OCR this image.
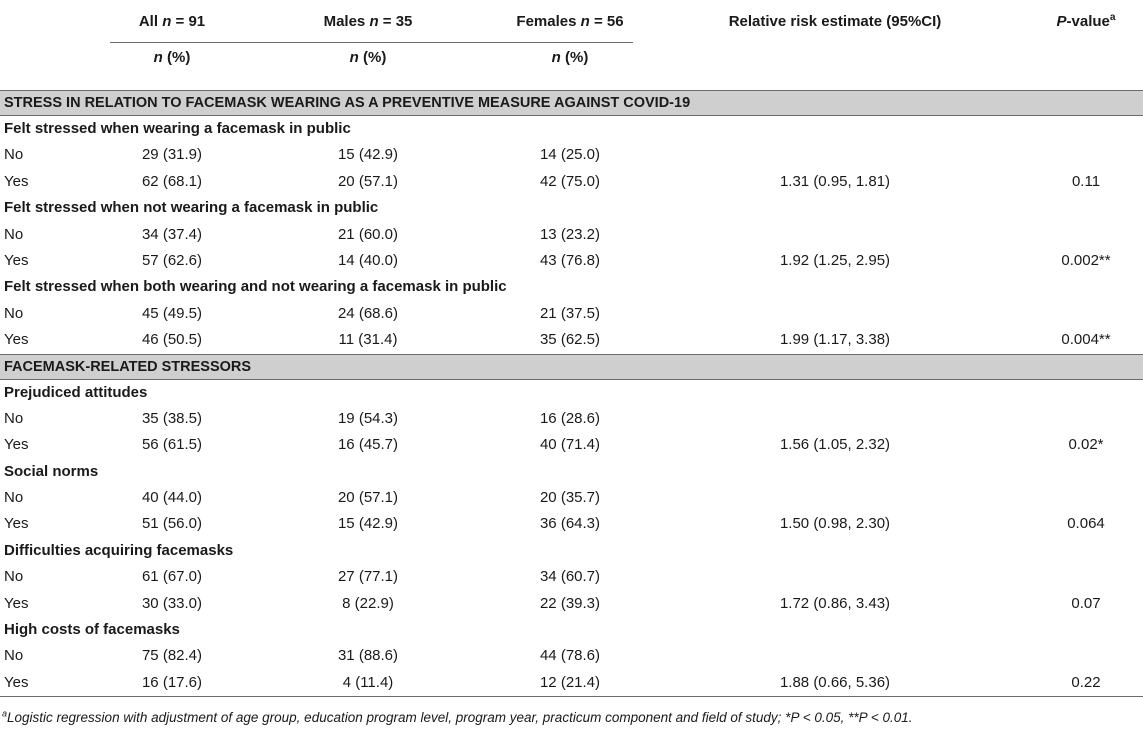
All n = 91	Males n = 35	Females n = 56	Relative risk estimate (95%CI)	P-value$^a$
n (%)	n (%)	n (%)
STRESS IN RELATION TO FACEMASK WEARING AS A PREVENTIVE MEASURE AGAINST COVID-19
Felt stressed when wearing a facemask in public
No	29 (31.9)	15 (42.9)	14 (25.0)
Yes	62 (68.1)	20 (57.1)	42 (75.0)	1.31 (0.95, 1.81)	0.11
Felt stressed when not wearing a facemask in public
No	34 (37.4)	21 (60.0)	13 (23.2)
Yes	57 (62.6)	14 (40.0)	43 (76.8)	1.92 (1.25, 2.95)	0.002**
Felt stressed when both wearing and not wearing a facemask in public
No	45 (49.5)	24 (68.6)	21 (37.5)
Yes	46 (50.5)	11 (31.4)	35 (62.5)	1.99 (1.17, 3.38)	0.004**
FACEMASK-RELATED STRESSORS
Prejudiced attitudes
No	35 (38.5)	19 (54.3)	16 (28.6)
Yes	56 (61.5)	16 (45.7)	40 (71.4)	1.56 (1.05, 2.32)	0.02*
Social norms
No	40 (44.0)	20 (57.1)	20 (35.7)
Yes	51 (56.0)	15 (42.9)	36 (64.3)	1.50 (0.98, 2.30)	0.064
Difficulties acquiring facemasks
No	61 (67.0)	27 (77.1)	34 (60.7)
Yes	30 (33.0)	8 (22.9)	22 (39.3)	1.72 (0.86, 3.43)	0.07
High costs of facemasks
No	75 (82.4)	31 (88.6)	44 (78.6)
Yes	16 (17.6)	4 (11.4)	12 (21.4)	1.88 (0.66, 5.36)	0.22
$^a$Logistic regression with adjustment of age group, education program level, program year, practicum component and field of study; *P < 0.05, **P < 0.01.
